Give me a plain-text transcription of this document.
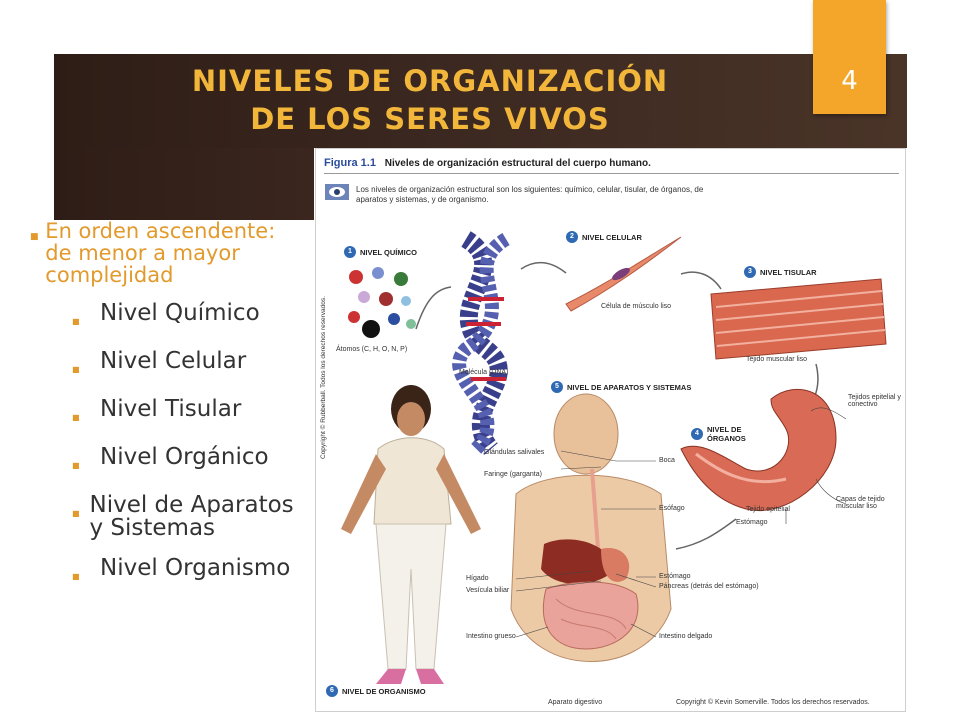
NIVELES DE ORGANIZACIÓN
DE LOS SERES VIVOS
4
■ En orden ascendente: de menor a mayor complejidad
■ Nivel Químico
■ Nivel Celular
■ Nivel Tisular
■ Nivel Orgánico
■ Nivel de Aparatos y Sistemas
■ Nivel Organismo
Figura 1.1 Niveles de organización estructural del cuerpo humano.
Los niveles de organización estructural son los siguientes: químico, celular, tisular, de órganos, de aparatos y sistemas, y de organismo.
1	NIVEL QUÍMICO
2	NIVEL CELULAR
3	NIVEL TISULAR
4	NIVEL DE ÓRGANOS
5	NIVEL DE APARATOS Y SISTEMAS
6	NIVEL DE ORGANISMO
Átomos (C, H, O, N, P)
Molécula (DNA)
Célula de músculo liso
Tejido muscular liso
Tejidos epitelial y conectivo
Capas de tejido muscular liso
Tejido epitelial
Estómago
Glándulas salivales
Faringe (garganta)
Boca
Esófago
Estómago
Hígado
Vesícula biliar
Páncreas (detrás del estómago)
Intestino grueso	Intestino delgado
Aparato digestivo	Copyright © Kevin Somerville. Todos los derechos reservados.
Copyright © Rubberball. Todos los derechos reservados.
